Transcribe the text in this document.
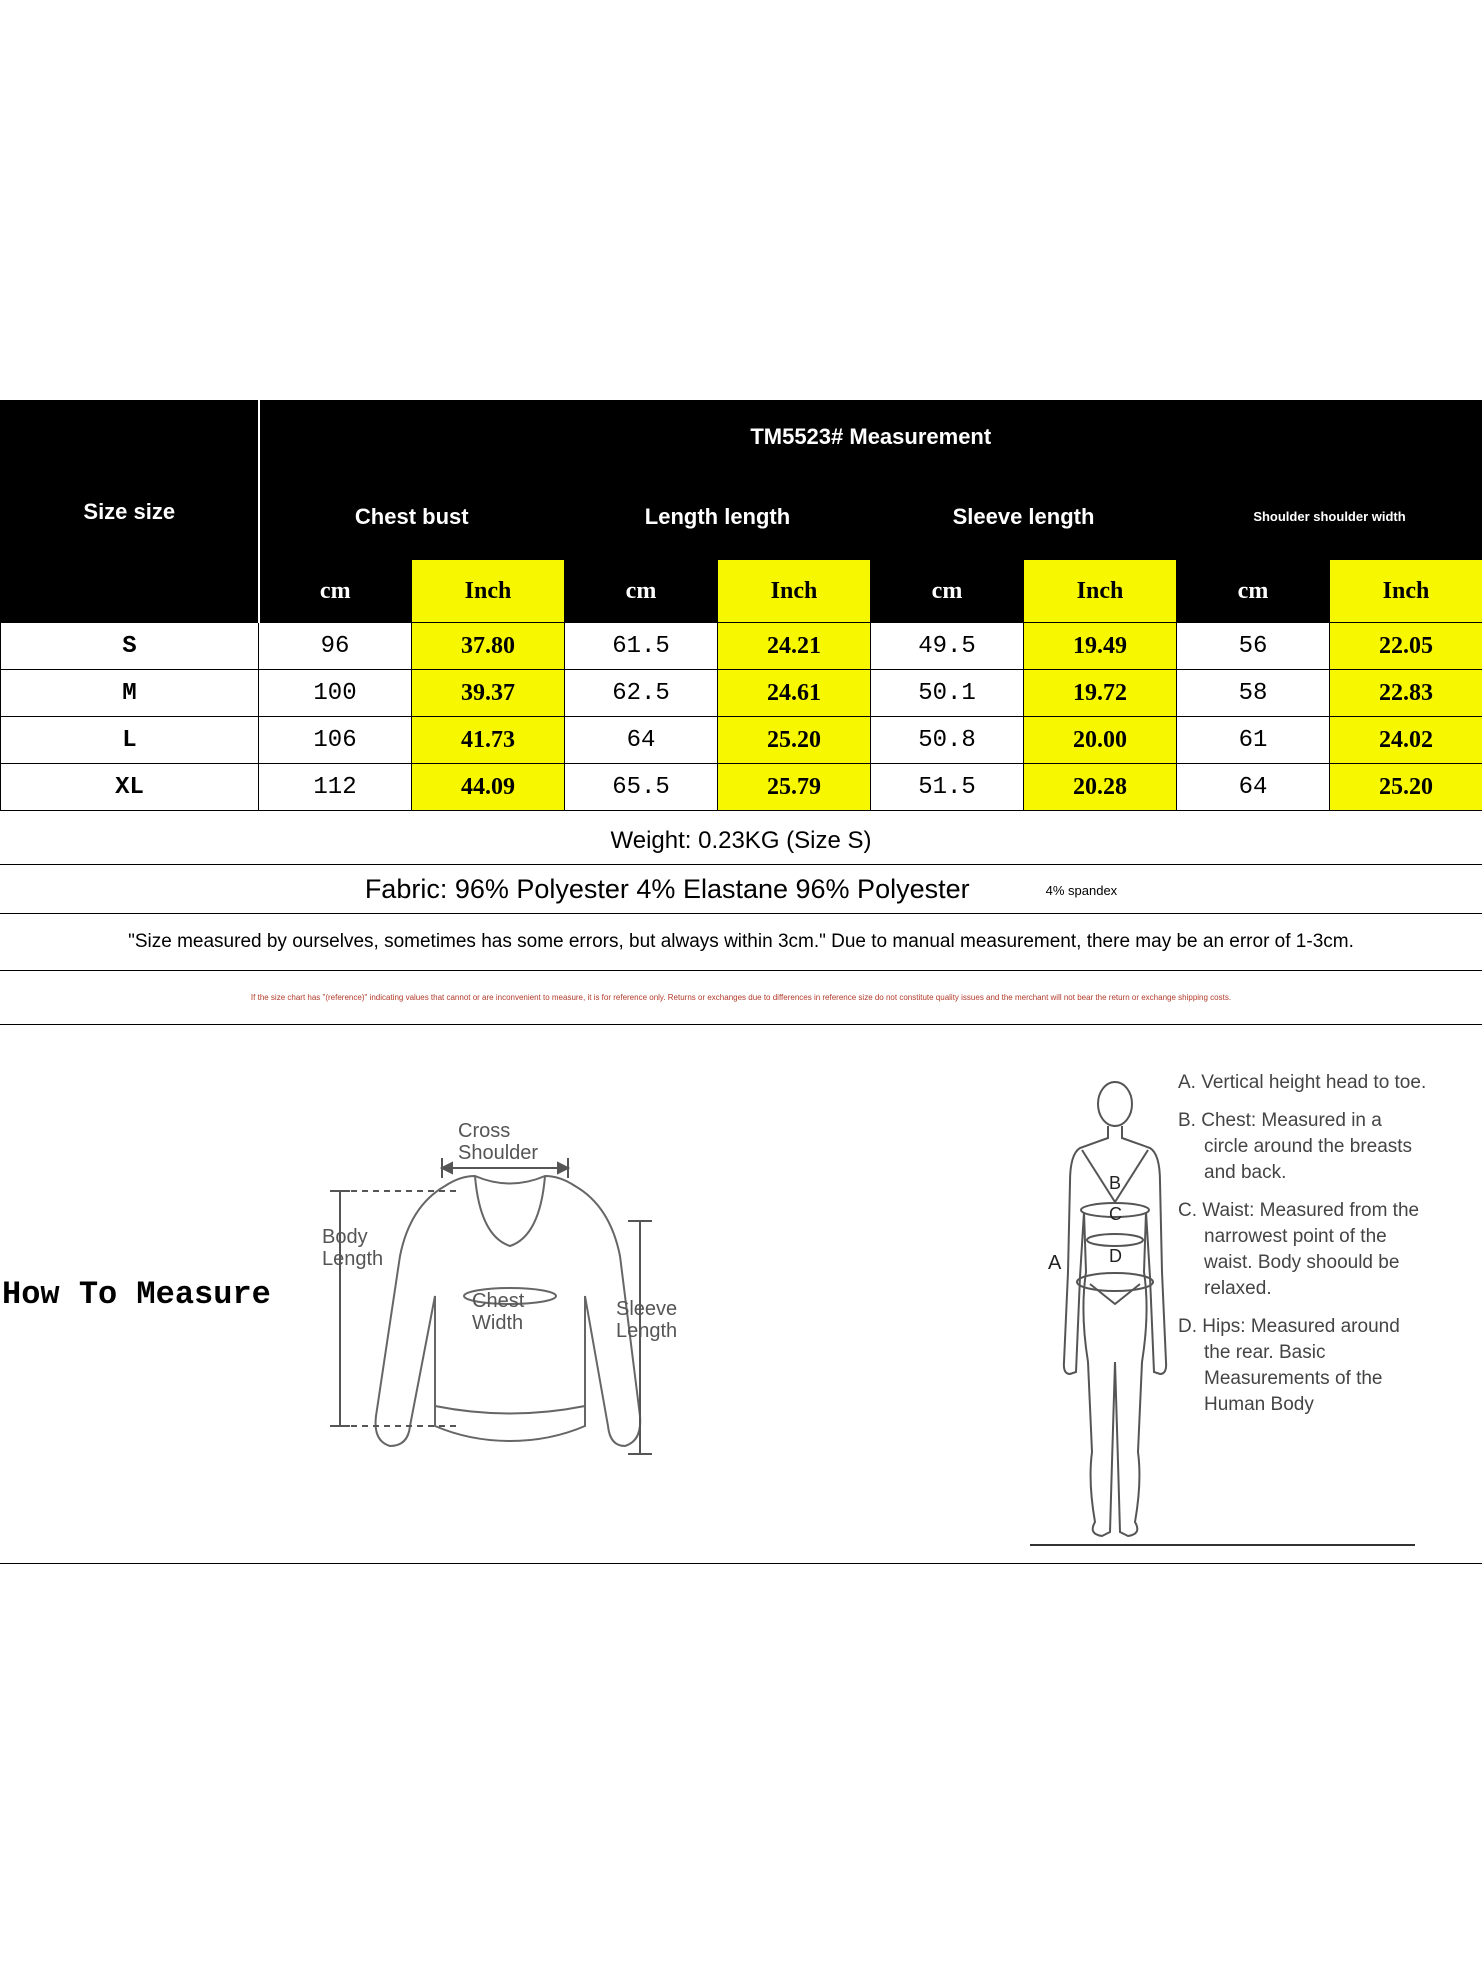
Size size	TM5523# Measurement							
	Chest bust		Length length		Sleeve length		Shoulder shoulder width	
	cm	Inch	cm	Inch	cm	Inch	cm	Inch
S	96	37.80	61.5	24.21	49.5	19.49	56	22.05
M	100	39.37	62.5	24.61	50.1	19.72	58	22.83
L	106	41.73	64	25.20	50.8	20.00	61	24.02
XL	112	44.09	65.5	25.79	51.5	20.28	64	25.20
Weight: 0.23KG (Size S)
Fabric: 96% Polyester 4% Elastane 96% Polyester	4% spandex
"Size measured by ourselves, sometimes has some errors, but always within 3cm." Due to manual measurement, there may be an error of 1-3cm.
If the size chart has "(reference)" indicating values that cannot or are inconvenient to measure, it is for reference only. Returns or exchanges due to differences in reference size do not constitute quality issues and the merchant will not bear the return or exchange shipping costs.
How To Measure
Cross
Shoulder
Body
Length
Chest
Width
Sleeve
Length
A
B
C
D

A. Vertical height head to toe.

B. Chest: Measured in a circle around the breasts and back.

C. Waist: Measured from the narrowest point of the waist. Body shoould be relaxed.

D. Hips: Measured around the rear. Basic Measurements of the Human Body
